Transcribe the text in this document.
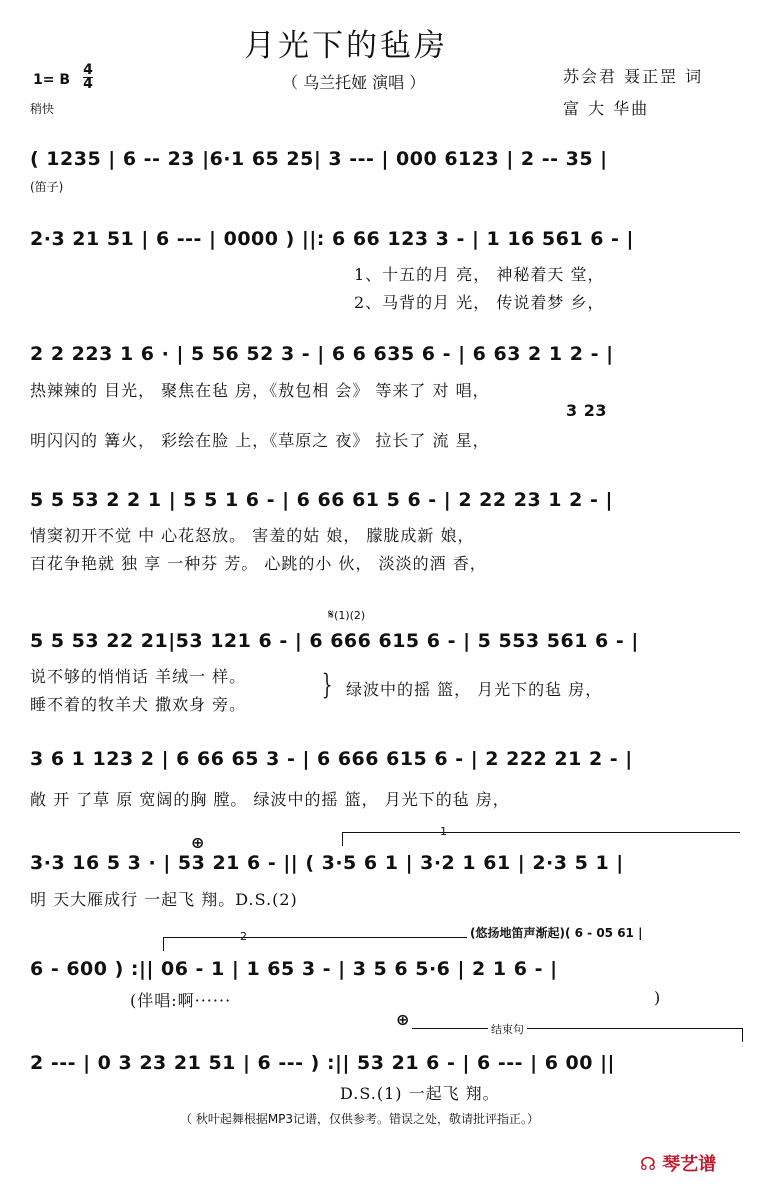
月光下的毡房
（ 乌兰托娅 演唱 ）	苏会君 聂正罡 词
富 大 华曲
1= B
4
4
稍快
( 1235 | 6 -- 23 |6·1 65 25| 3 --- | 000 6123 | 2 -- 35 |
(笛子)
2·3 21 51 | 6 --- | 0000 ) ||: 6 66 123 3 - | 1 16 561 6 - |
1、十五的月 亮， 神秘着天 堂，
2、马背的月 光， 传说着梦 乡，
2 2 223 1 6 · | 5 56 52 3 - | 6 6 635 6 - | 6 63 2 1 2 - |
热辣辣的 目光， 聚焦在毡 房，《敖包相 会》 等来了 对 唱，
3 23
明闪闪的 篝火， 彩绘在脸 上，《草原之 夜》 拉长了 流 星，
5 5 53 2 2 1 | 5 5 1 6 - | 6 66 61 5 6 - | 2 22 23 1 2 - |
情窦初开不觉 中 心花怒放。 害羞的姑 娘， 朦胧成新 娘，
百花争艳就 独 享 一种芬 芳。 心跳的小 伙， 淡淡的酒 香，
𝄋(1)(2)
5 5 53 22 21|53 121 6 - | 6 666 615 6 - | 5 553 561 6 - |
说不够的悄悄话 羊绒一 样。
睡不着的牧羊犬 撒欢身 旁。
} 绿波中的摇 篮， 月光下的毡 房，
3 6 1 123 2 | 6 66 65 3 - | 6 666 615 6 - | 2 222 21 2 - |
敞 开 了草 原 宽阔的胸 膛。 绿波中的摇 篮， 月光下的毡 房，
⊕
1
3·3 16 5 3 · | 53 21 6 - || ( 3·5 6 1 | 3·2 1 61 | 2·3 5 1 |
明 天大雁成行 一起飞 翔。D.S.(2)
2	(悠扬地笛声渐起)( 6 - 05 61 |
6 - 600 ) :|| 06 - 1 | 1 65 3 - | 3 5 6 5·6 | 2 1 6 - |
(伴唱:啊······	)
⊕
结束句
2 --- | 0 3 23 21 51 | 6 --- ) :|| 53 21 6 - | 6 --- | 6 00 ||
D.S.(1) 一起飞 翔。
（ 秋叶起舞根据MP3记谱，仅供参考。错误之处，敬请批评指正。）
☊ 琴艺谱
